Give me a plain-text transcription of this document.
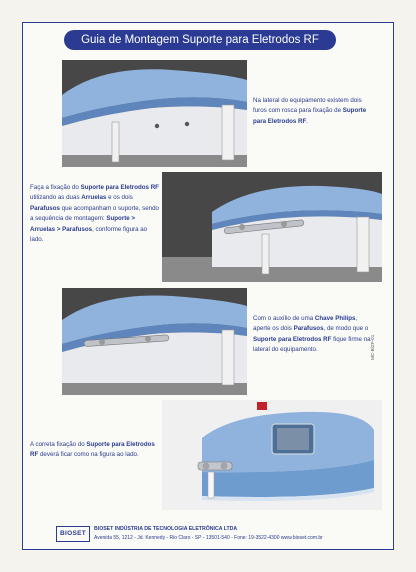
Guia de Montagem Suporte para Eletrodos RF
Na lateral do equipamento existem dois furos com rosca para fixação de Suporte para Eletrodos RF.
Faça a fixação do Suporte para Eletrodos RF utilizando as duas Arruelas e os dois Parafusos que acompanham o suporte, sendo a sequência de montagem: Suporte > Arruelas > Parafusos, conforme figura ao lado.
Com o auxílio de uma Chave Philips, aperte os dois Parafusos, de modo que o Suporte para Eletrodos RF fique firme na lateral do equipamento.
A correta fixação do Suporte para Eletrodos RF deverá ficar como na figura ao lado.
MC-B/ZF-01
BIOSET
BIOSET INDÚSTRIA DE TECNOLOGIA ELETRÔNICA LTDA
Avenida 55, 1212 - Jd. Kennedy - Rio Claro - SP - 13501-540 - Fone: 19-3522-4300 www.bioset.com.br
